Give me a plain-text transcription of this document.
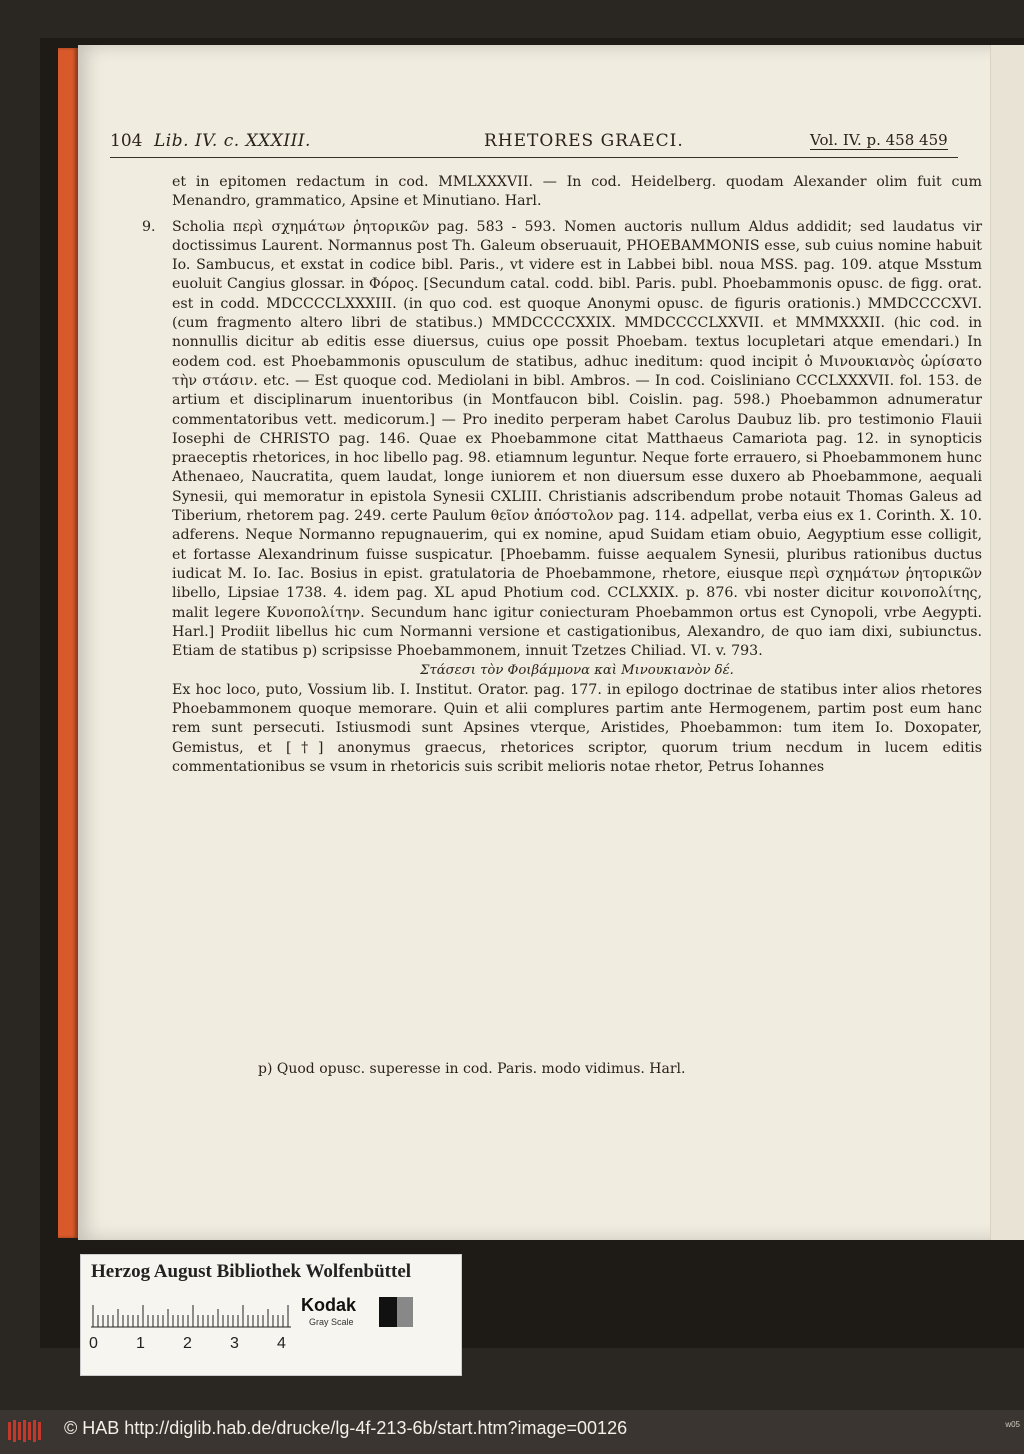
104 Lib. IV. c. XXXIII.	RHETORES GRAECI.	Vol. IV. p. 458 459

et in epitomen redactum in cod. MMLXXXVII. — In cod. Heidelberg. quodam Alexander olim fuit cum Menandro, grammatico, Apsine et Minutiano. Harl.

9. Scholia περὶ σχημάτων ῥητορικῶν pag. 583 - 593. Nomen auctoris nullum Aldus addidit; sed laudatus vir doctissimus Laurent. Normannus post Th. Galeum obseruauit, PHOEBAMMONIS esse, sub cuius nomine habuit Io. Sambucus, et exstat in codice bibl. Paris., vt videre est in Labbei bibl. noua MSS. pag. 109. atque Msstum euoluit Cangius glossar. in Φόρος. [Secundum catal. codd. bibl. Paris. publ. Phoebammonis opusc. de figg. orat. est in codd. MDCCCCLXXXIII. (in quo cod. est quoque Anonymi opusc. de figuris orationis.) MMDCCCCXVI. (cum fragmento altero libri de statibus.) MMDCCCCXXIX. MMDCCCCLXXVII. et MMMXXXII. (hic cod. in nonnullis dicitur ab editis esse diuersus, cuius ope possit Phoebam. textus locupletari atque emendari.) In eodem cod. est Phoebammonis opusculum de statibus, adhuc ineditum: quod incipit ὁ Μινουκιανὸς ὡρίσατο τὴν στάσιν. etc. — Est quoque cod. Mediolani in bibl. Ambros. — In cod. Coisliniano CCCLXXXVII. fol. 153. de artium et disciplinarum inuentoribus (in Montfaucon bibl. Coislin. pag. 598.) Phoebammon adnumeratur commentatoribus vett. medicorum.] — Pro inedito perperam habet Carolus Daubuz lib. pro testimonio Flauii Iosephi de CHRISTO pag. 146. Quae ex Phoebammone citat Matthaeus Camariota pag. 12. in synopticis praeceptis rhetorices, in hoc libello pag. 98. etiamnum leguntur. Neque forte errauero, si Phoebammonem hunc Athenaeo, Naucratita, quem laudat, longe iuniorem et non diuersum esse duxero ab Phoebammone, aequali Synesii, qui memoratur in epistola Synesii CXLIII. Christianis adscribendum probe notauit Thomas Galeus ad Tiberium, rhetorem pag. 249. certe Paulum θεῖον ἀπόστολον pag. 114. adpellat, verba eius ex 1. Corinth. X. 10. adferens. Neque Normanno repugnauerim, qui ex nomine, apud Suidam etiam obuio, Aegyptium esse colligit, et fortasse Alexandrinum fuisse suspicatur. [Phoebamm. fuisse aequalem Synesii, pluribus rationibus ductus iudicat M. Io. Iac. Bosius in epist. gratulatoria de Phoebammone, rhetore, eiusque περὶ σχημάτων ῥητορικῶν libello, Lipsiae 1738. 4. idem pag. XL apud Photium cod. CCLXXIX. p. 876. vbi noster dicitur κοινοπολίτης, malit legere Κυνοπολίτην. Secundum hanc igitur coniecturam Phoebammon ortus est Cynopoli, vrbe Aegypti. Harl.] Prodiit libellus hic cum Normanni versione et castigationibus, Alexandro, de quo iam dixi, subiunctus. Etiam de statibus p) scripsisse Phoebammonem, innuit Tzetzes Chiliad. VI. v. 793.

Στάσεσι τὸν Φοιβάμμονα καὶ Μινουκιανὸν δέ.

Ex hoc loco, puto, Vossium lib. I. Institut. Orator. pag. 177. in epilogo doctrinae de statibus inter alios rhetores Phoebammonem quoque memorare. Quin et alii complures partim ante Hermogenem, partim post eum hanc rem sunt persecuti. Istiusmodi sunt Apsines vterque, Aristides, Phoebammon: tum item Io. Doxopater, Gemistus, et [†] anonymus graecus, rhetorices scriptor, quorum trium necdum in lucem editis commentationibus se vsum in rhetoricis suis scribit melioris notae rhetor, Petrus Iohannes

p) Quod opusc. superesse in cod. Paris. modo vidimus. Harl.
Herzog August Bibliothek Wolfenbüttel
Kodak
Gray Scale
0 1 2 3 4
© HAB http://diglib.hab.de/drucke/lg-4f-213-6b/start.htm?image=00126	w05
